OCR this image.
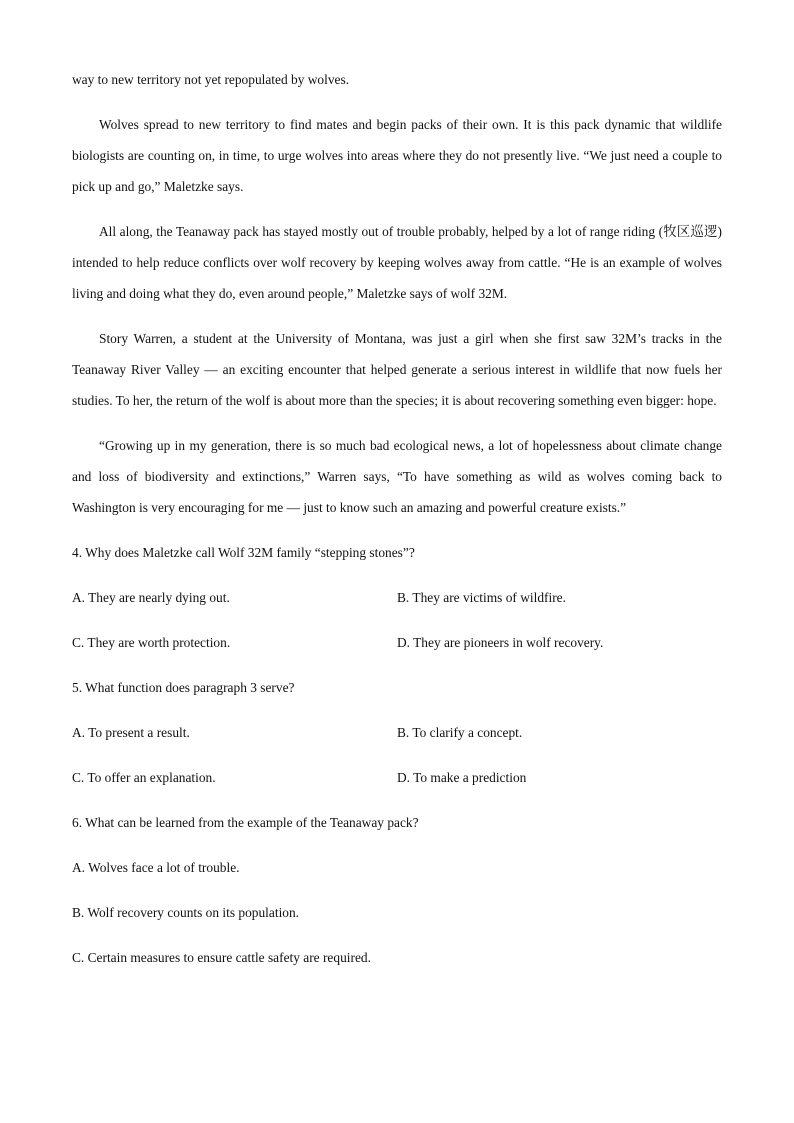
way to new territory not yet repopulated by wolves.

Wolves spread to new territory to find mates and begin packs of their own. It is this pack dynamic that wildlife biologists are counting on, in time, to urge wolves into areas where they do not presently live. “We just need a couple to pick up and go,” Maletzke says.

All along, the Teanaway pack has stayed mostly out of trouble probably, helped by a lot of range riding (牧区巡逻) intended to help reduce conflicts over wolf recovery by keeping wolves away from cattle. “He is an example of wolves living and doing what they do, even around people,” Maletzke says of wolf 32M.

Story Warren, a student at the University of Montana, was just a girl when she first saw 32M’s tracks in the Teanaway River Valley — an exciting encounter that helped generate a serious interest in wildlife that now fuels her studies. To her, the return of the wolf is about more than the species; it is about recovering something even bigger: hope.

“Growing up in my generation, there is so much bad ecological news, a lot of hopelessness about climate change and loss of biodiversity and extinctions,” Warren says, “To have something as wild as wolves coming back to Washington is very encouraging for me — just to know such an amazing and powerful creature exists.”

4. Why does Maletzke call Wolf 32M family “stepping stones”?

A. They are nearly dying out.	B. They are victims of wildfire.
C. They are worth protection.	D. They are pioneers in wolf recovery.

5. What function does paragraph 3 serve?

A. To present a result.	B. To clarify a concept.
C. To offer an explanation.	D. To make a prediction

6. What can be learned from the example of the Teanaway pack?

A. Wolves face a lot of trouble.

B. Wolf recovery counts on its population.

C. Certain measures to ensure cattle safety are required.
